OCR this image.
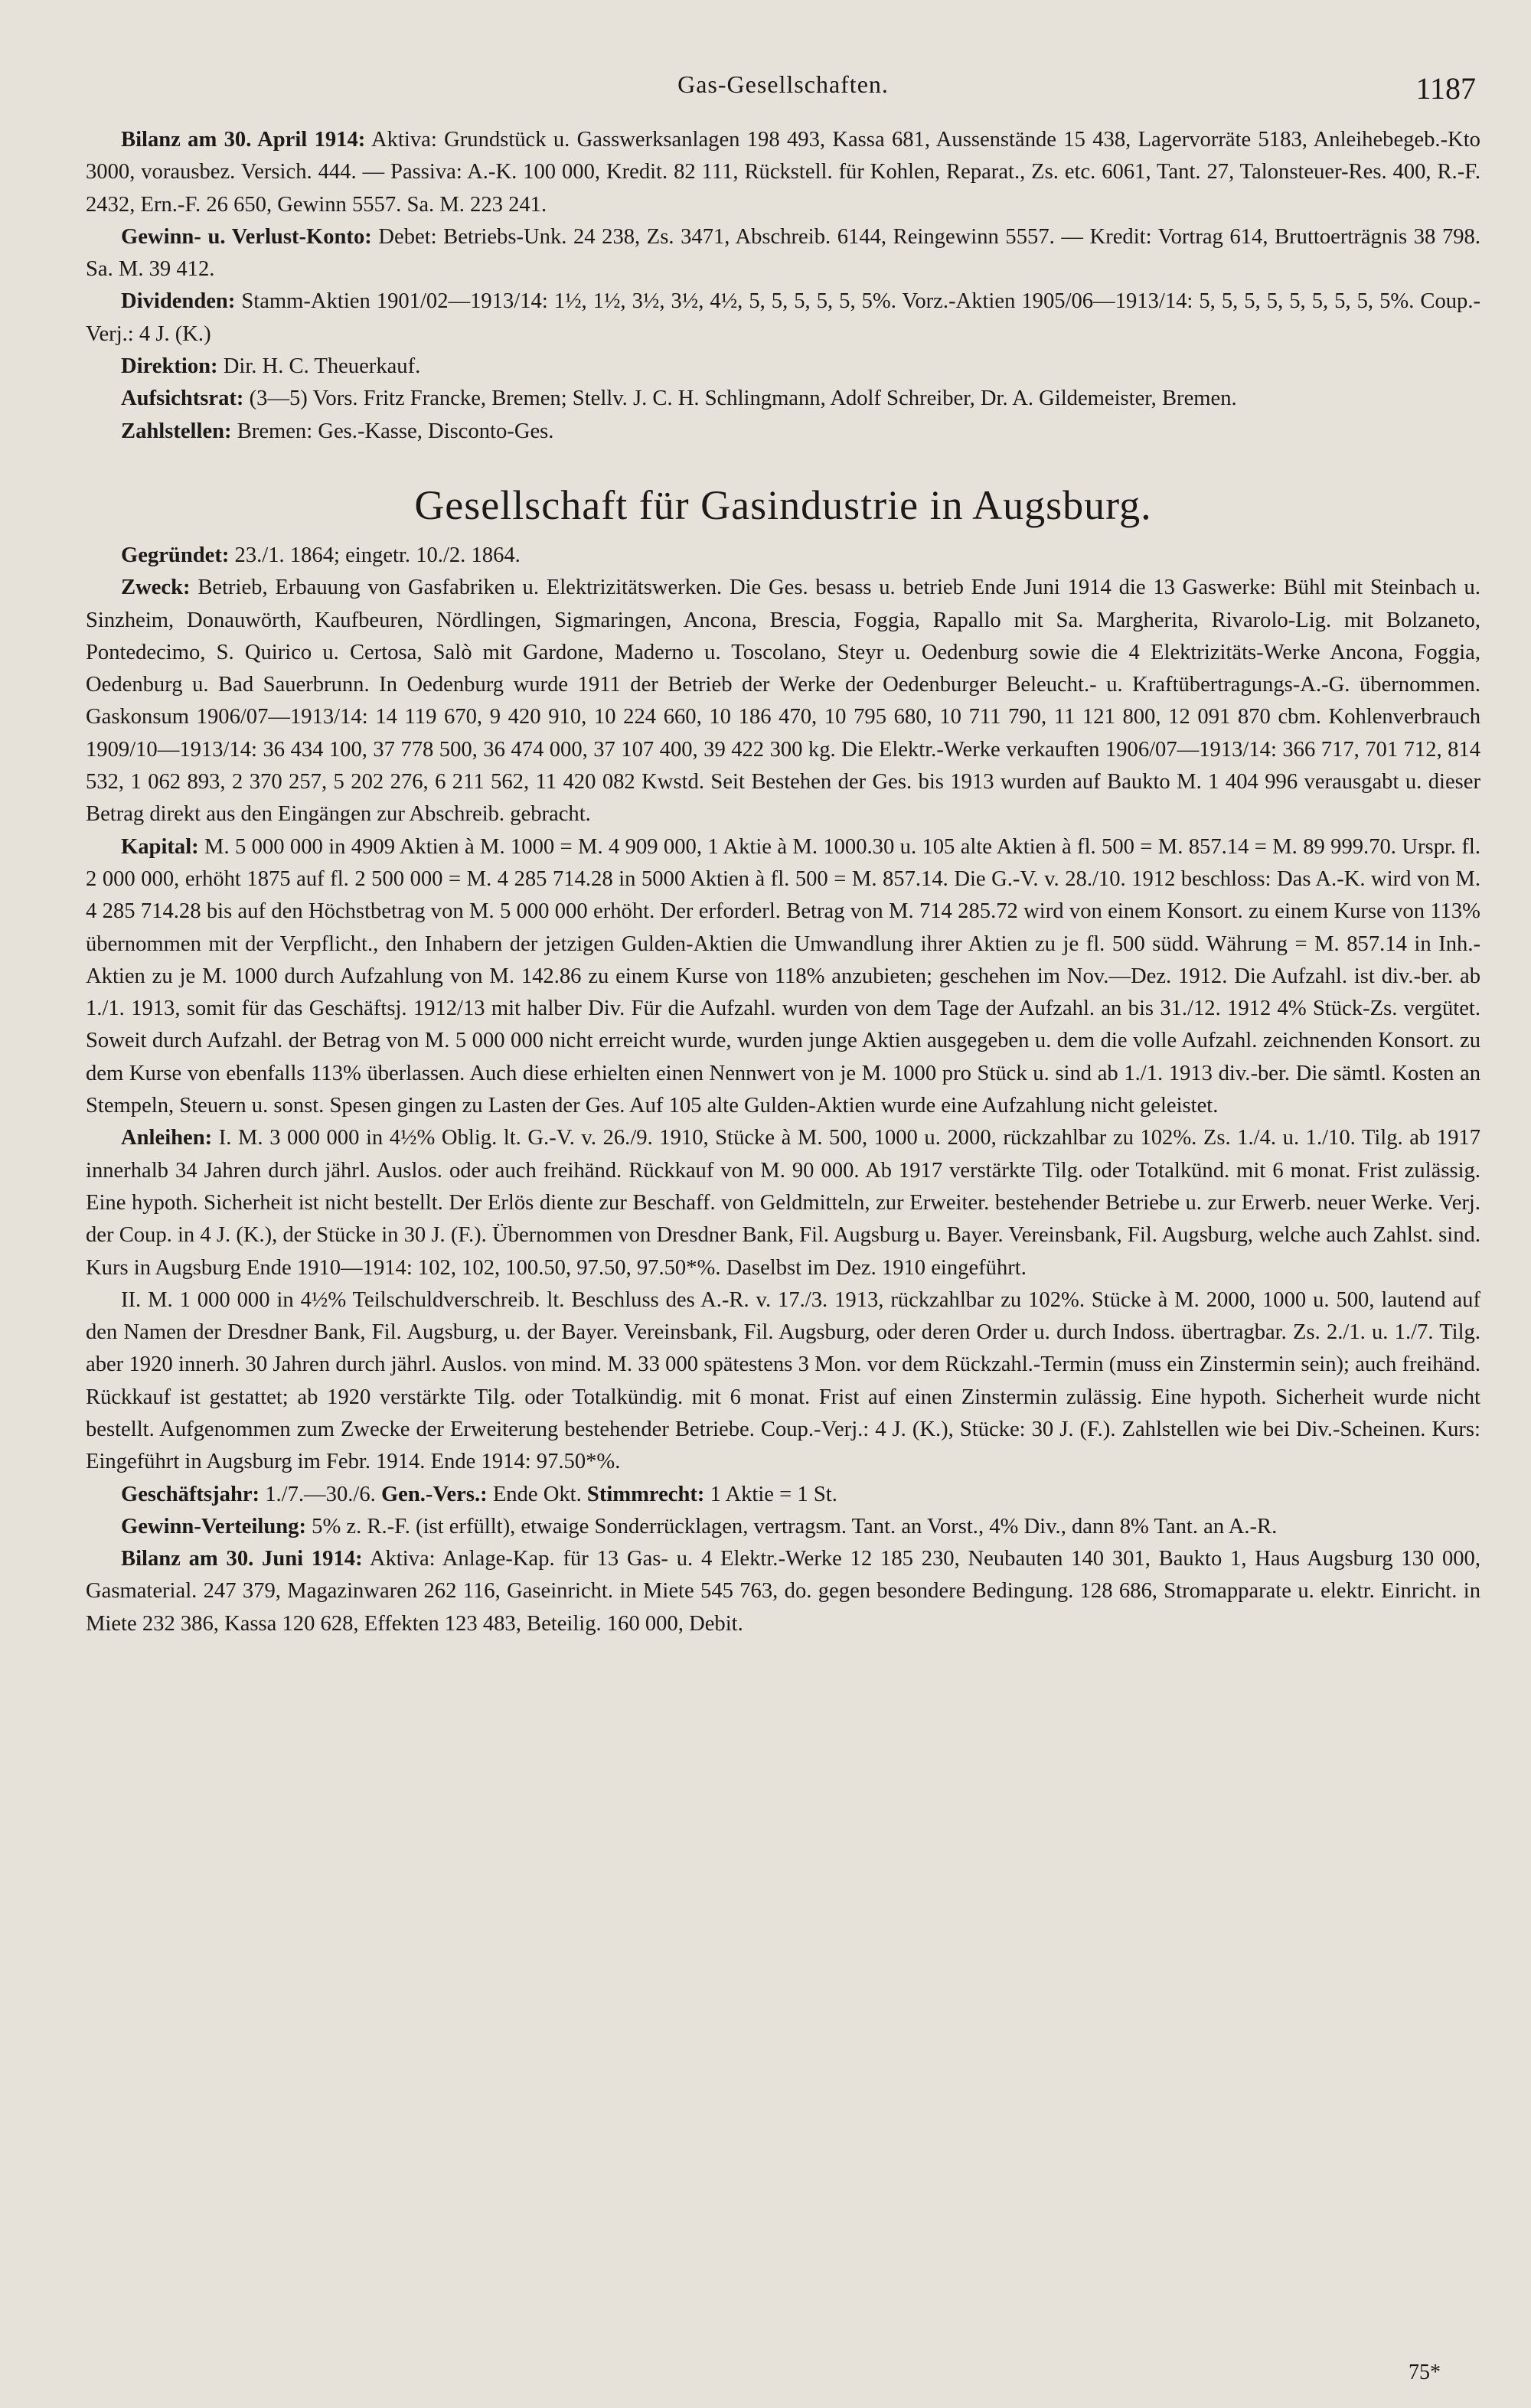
Gas-Gesellschaften.	1187

Bilanz am 30. April 1914: Aktiva: Grundstück u. Gasswerksanlagen 198 493, Kassa 681, Aussenstände 15 438, Lagervorräte 5183, Anleihebegeb.-Kto 3000, vorausbez. Versich. 444. — Passiva: A.-K. 100 000, Kredit. 82 111, Rückstell. für Kohlen, Reparat., Zs. etc. 6061, Tant. 27, Talonsteuer-Res. 400, R.-F. 2432, Ern.-F. 26 650, Gewinn 5557. Sa. M. 223 241.

Gewinn- u. Verlust-Konto: Debet: Betriebs-Unk. 24 238, Zs. 3471, Abschreib. 6144, Reingewinn 5557. — Kredit: Vortrag 614, Bruttoerträgnis 38 798. Sa. M. 39 412.

Dividenden: Stamm-Aktien 1901/02—1913/14: 1½, 1½, 3½, 3½, 4½, 5, 5, 5, 5, 5, 5%. Vorz.-Aktien 1905/06—1913/14: 5, 5, 5, 5, 5, 5, 5, 5, 5%. Coup.-Verj.: 4 J. (K.)

Direktion: Dir. H. C. Theuerkauf.

Aufsichtsrat: (3—5) Vors. Fritz Francke, Bremen; Stellv. J. C. H. Schlingmann, Adolf Schreiber, Dr. A. Gildemeister, Bremen.

Zahlstellen: Bremen: Ges.-Kasse, Disconto-Ges.

Gesellschaft für Gasindustrie in Augsburg.

Gegründet: 23./1. 1864; eingetr. 10./2. 1864.

Zweck: Betrieb, Erbauung von Gasfabriken u. Elektrizitätswerken. Die Ges. besass u. betrieb Ende Juni 1914 die 13 Gaswerke: Bühl mit Steinbach u. Sinzheim, Donauwörth, Kaufbeuren, Nördlingen, Sigmaringen, Ancona, Brescia, Foggia, Rapallo mit Sa. Margherita, Rivarolo-Lig. mit Bolzaneto, Pontedecimo, S. Quirico u. Certosa, Salò mit Gardone, Maderno u. Toscolano, Steyr u. Oedenburg sowie die 4 Elektrizitäts-Werke Ancona, Foggia, Oedenburg u. Bad Sauerbrunn. In Oedenburg wurde 1911 der Betrieb der Werke der Oedenburger Beleucht.- u. Kraftübertragungs-A.-G. übernommen. Gaskonsum 1906/07—1913/14: 14 119 670, 9 420 910, 10 224 660, 10 186 470, 10 795 680, 10 711 790, 11 121 800, 12 091 870 cbm. Kohlenverbrauch 1909/10—1913/14: 36 434 100, 37 778 500, 36 474 000, 37 107 400, 39 422 300 kg. Die Elektr.-Werke verkauften 1906/07—1913/14: 366 717, 701 712, 814 532, 1 062 893, 2 370 257, 5 202 276, 6 211 562, 11 420 082 Kwstd. Seit Bestehen der Ges. bis 1913 wurden auf Baukto M. 1 404 996 verausgabt u. dieser Betrag direkt aus den Eingängen zur Abschreib. gebracht.

Kapital: M. 5 000 000 in 4909 Aktien à M. 1000 = M. 4 909 000, 1 Aktie à M. 1000.30 u. 105 alte Aktien à fl. 500 = M. 857.14 = M. 89 999.70. Urspr. fl. 2 000 000, erhöht 1875 auf fl. 2 500 000 = M. 4 285 714.28 in 5000 Aktien à fl. 500 = M. 857.14. Die G.-V. v. 28./10. 1912 beschloss: Das A.-K. wird von M. 4 285 714.28 bis auf den Höchstbetrag von M. 5 000 000 erhöht. Der erforderl. Betrag von M. 714 285.72 wird von einem Konsort. zu einem Kurse von 113% übernommen mit der Verpflicht., den Inhabern der jetzigen Gulden-Aktien die Umwandlung ihrer Aktien zu je fl. 500 südd. Währung = M. 857.14 in Inh.-Aktien zu je M. 1000 durch Aufzahlung von M. 142.86 zu einem Kurse von 118% anzubieten; geschehen im Nov.—Dez. 1912. Die Aufzahl. ist div.-ber. ab 1./1. 1913, somit für das Geschäftsj. 1912/13 mit halber Div. Für die Aufzahl. wurden von dem Tage der Aufzahl. an bis 31./12. 1912 4% Stück-Zs. vergütet. Soweit durch Aufzahl. der Betrag von M. 5 000 000 nicht erreicht wurde, wurden junge Aktien ausgegeben u. dem die volle Aufzahl. zeichnenden Konsort. zu dem Kurse von ebenfalls 113% überlassen. Auch diese erhielten einen Nennwert von je M. 1000 pro Stück u. sind ab 1./1. 1913 div.-ber. Die sämtl. Kosten an Stempeln, Steuern u. sonst. Spesen gingen zu Lasten der Ges. Auf 105 alte Gulden-Aktien wurde eine Aufzahlung nicht geleistet.

Anleihen: I. M. 3 000 000 in 4½% Oblig. lt. G.-V. v. 26./9. 1910, Stücke à M. 500, 1000 u. 2000, rückzahlbar zu 102%. Zs. 1./4. u. 1./10. Tilg. ab 1917 innerhalb 34 Jahren durch jährl. Auslos. oder auch freihänd. Rückkauf von M. 90 000. Ab 1917 verstärkte Tilg. oder Totalkünd. mit 6 monat. Frist zulässig. Eine hypoth. Sicherheit ist nicht bestellt. Der Erlös diente zur Beschaff. von Geldmitteln, zur Erweiter. bestehender Betriebe u. zur Erwerb. neuer Werke. Verj. der Coup. in 4 J. (K.), der Stücke in 30 J. (F.). Übernommen von Dresdner Bank, Fil. Augsburg u. Bayer. Vereinsbank, Fil. Augsburg, welche auch Zahlst. sind. Kurs in Augsburg Ende 1910—1914: 102, 102, 100.50, 97.50, 97.50*%. Daselbst im Dez. 1910 eingeführt.

II. M. 1 000 000 in 4½% Teilschuldverschreib. lt. Beschluss des A.-R. v. 17./3. 1913, rückzahlbar zu 102%. Stücke à M. 2000, 1000 u. 500, lautend auf den Namen der Dresdner Bank, Fil. Augsburg, u. der Bayer. Vereinsbank, Fil. Augsburg, oder deren Order u. durch Indoss. übertragbar. Zs. 2./1. u. 1./7. Tilg. aber 1920 innerh. 30 Jahren durch jährl. Auslos. von mind. M. 33 000 spätestens 3 Mon. vor dem Rückzahl.-Termin (muss ein Zinstermin sein); auch freihänd. Rückkauf ist gestattet; ab 1920 verstärkte Tilg. oder Totalkündig. mit 6 monat. Frist auf einen Zinstermin zulässig. Eine hypoth. Sicherheit wurde nicht bestellt. Aufgenommen zum Zwecke der Erweiterung bestehender Betriebe. Coup.-Verj.: 4 J. (K.), Stücke: 30 J. (F.). Zahlstellen wie bei Div.-Scheinen. Kurs: Eingeführt in Augsburg im Febr. 1914. Ende 1914: 97.50*%.

Geschäftsjahr: 1./7.—30./6. Gen.-Vers.: Ende Okt. Stimmrecht: 1 Aktie = 1 St.

Gewinn-Verteilung: 5% z. R.-F. (ist erfüllt), etwaige Sonderrücklagen, vertragsm. Tant. an Vorst., 4% Div., dann 8% Tant. an A.-R.

Bilanz am 30. Juni 1914: Aktiva: Anlage-Kap. für 13 Gas- u. 4 Elektr.-Werke 12 185 230, Neubauten 140 301, Baukto 1, Haus Augsburg 130 000, Gasmaterial. 247 379, Magazinwaren 262 116, Gaseinricht. in Miete 545 763, do. gegen besondere Bedingung. 128 686, Stromapparate u. elektr. Einricht. in Miete 232 386, Kassa 120 628, Effekten 123 483, Beteilig. 160 000, Debit.

75*
